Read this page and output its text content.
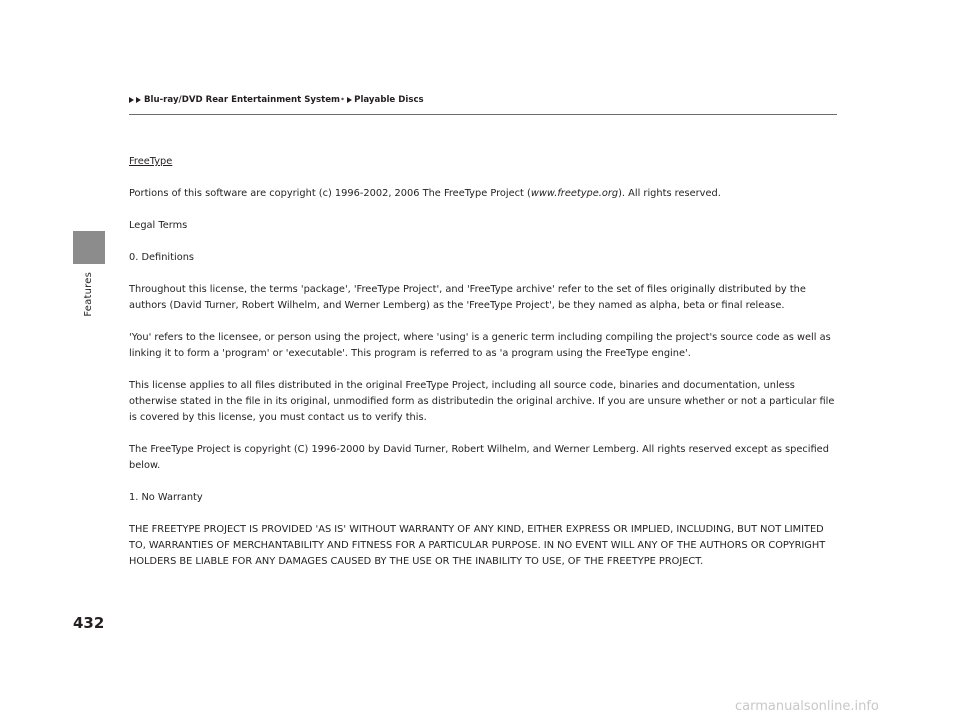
Features
Blu-ray/DVD Rear Entertainment System * Playable Discs

FreeType

Portions of this software are copyright (c) 1996-2002, 2006 The FreeType Project (www.freetype.org). All rights reserved.

Legal Terms

0. Definitions

Throughout this license, the terms 'package', 'FreeType Project', and 'FreeType archive' refer to the set of files originally distributed by the authors (David Turner, Robert Wilhelm, and Werner Lemberg) as the 'FreeType Project', be they named as alpha, beta or final release.

'You' refers to the licensee, or person using the project, where 'using' is a generic term including compiling the project's source code as well as linking it to form a 'program' or 'executable'. This program is referred to as 'a program using the FreeType engine'.

This license applies to all files distributed in the original FreeType Project, including all source code, binaries and documentation, unless otherwise stated in the file in its original, unmodified form as distributedin the original archive. If you are unsure whether or not a particular file is covered by this license, you must contact us to verify this.

The FreeType Project is copyright (C) 1996-2000 by David Turner, Robert Wilhelm, and Werner Lemberg. All rights reserved except as specified below.

1. No Warranty

THE FREETYPE PROJECT IS PROVIDED 'AS IS' WITHOUT WARRANTY OF ANY KIND, EITHER EXPRESS OR IMPLIED, INCLUDING, BUT NOT LIMITED TO, WARRANTIES OF MERCHANTABILITY AND FITNESS FOR A PARTICULAR PURPOSE. IN NO EVENT WILL ANY OF THE AUTHORS OR COPYRIGHT HOLDERS BE LIABLE FOR ANY DAMAGES CAUSED BY THE USE OR THE INABILITY TO USE, OF THE FREETYPE PROJECT.

432
carmanualsonline.info
